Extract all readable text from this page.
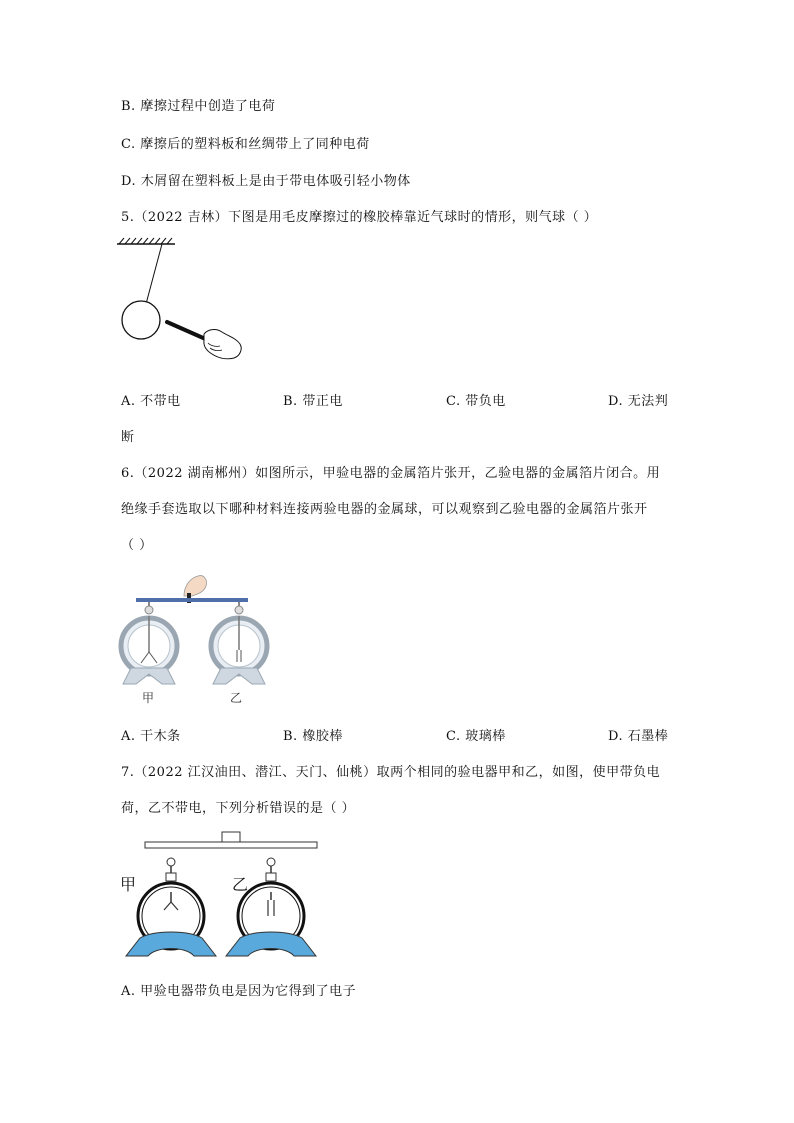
B. 摩擦过程中创造了电荷
C. 摩擦后的塑料板和丝绸带上了同种电荷
D. 木屑留在塑料板上是由于带电体吸引轻小物体
5.（2022 吉林）下图是用毛皮摩擦过的橡胶棒靠近气球时的情形，则气球（ ）
A. 不带电	B. 带正电	C. 带负电	D. 无法判
断
6.（2022 湖南郴州）如图所示，甲验电器的金属箔片张开，乙验电器的金属箔片闭合。用
绝缘手套选取以下哪种材料连接两验电器的金属球，可以观察到乙验电器的金属箔片张开
（ ）
甲	乙
A. 干木条	B. 橡胶棒	C. 玻璃棒	D. 石墨棒
7.（2022 江汉油田、潜江、天门、仙桃）取两个相同的验电器甲和乙，如图，使甲带负电
荷，乙不带电，下列分析错误的是（ ）
甲	乙
A. 甲验电器带负电是因为它得到了电子
